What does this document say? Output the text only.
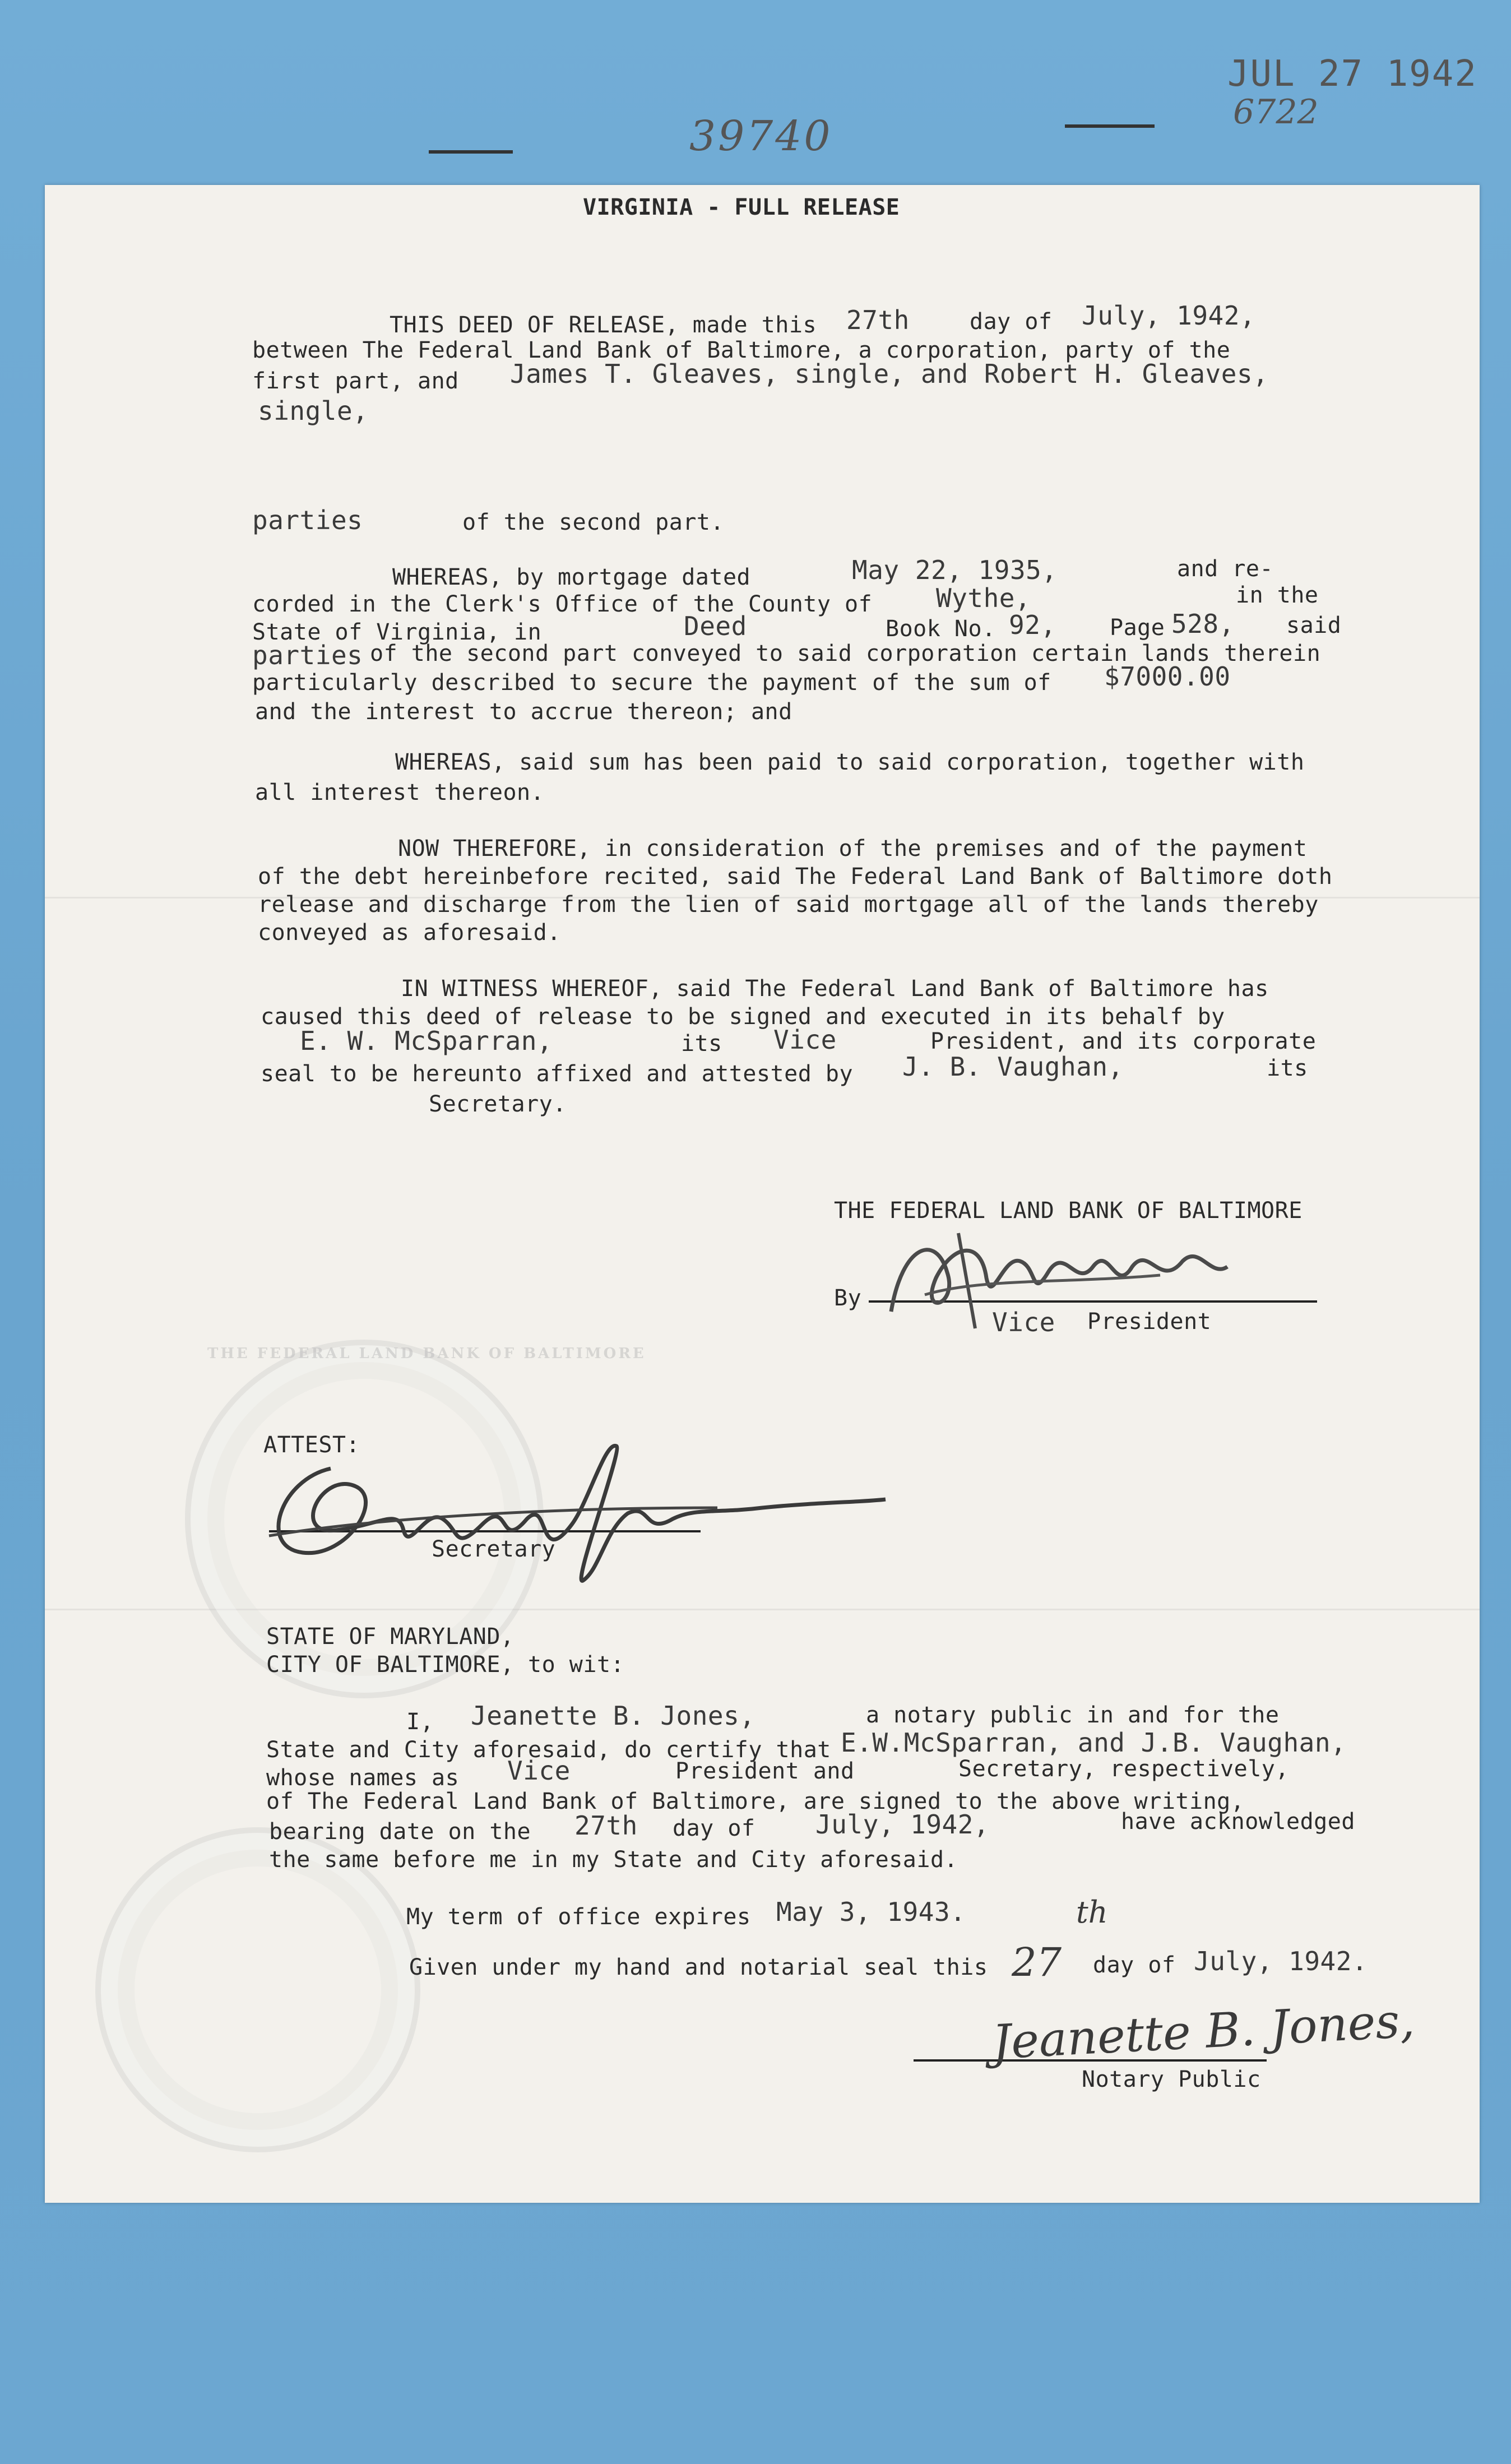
JUL 27 1942
6722
39740
VIRGINIA - FULL RELEASE
THIS DEED OF RELEASE, made this 27th	day of July, 1942,
between The Federal Land Bank of Baltimore, a corporation, party of the
first part, and James T. Gleaves, single, and Robert H. Gleaves,
single,
parties	of the second part.
WHEREAS, by mortgage dated	May 22, 1935,	and re-
corded in the Clerk's Office of the County of Wythe,	in the
State of Virginia, in	Deed	Book No. 92, Page 528, said
parties of the second part conveyed to said corporation certain lands therein
particularly described to secure the payment of the sum of $7000.00
and the interest to accrue thereon; and
WHEREAS, said sum has been paid to said corporation, together with
all interest thereon.
NOW THEREFORE, in consideration of the premises and of the payment
of the debt hereinbefore recited, said The Federal Land Bank of Baltimore doth
release and discharge from the lien of said mortgage all of the lands thereby
conveyed as aforesaid.
IN WITNESS WHEREOF, said The Federal Land Bank of Baltimore has
caused this deed of release to be signed and executed in its behalf by
E. W. McSparran,	its Vice	President, and its corporate
seal to be hereunto affixed and attested by J. B. Vaughan,	its
Secretary.
THE FEDERAL LAND BANK OF BALTIMORE
By
Vice President
THE FEDERAL LAND BANK OF BALTIMORE
ATTEST:
Secretary
STATE OF MARYLAND,
CITY OF BALTIMORE, to wit:
I, Jeanette B. Jones,	a notary public in and for the
State and City aforesaid, do certify that E.W.McSparran, and J.B. Vaughan,
whose names as Vice	President and	Secretary, respectively,
of The Federal Land Bank of Baltimore, are signed to the above writing,
bearing date on the 27th day of July, 1942,	have acknowledged
the same before me in my State and City aforesaid.
My term of office expires May 3, 1943.
Given under my hand and notarial seal this 27
th
day of July, 1942.
Jeanette B. Jones,
Notary Public
